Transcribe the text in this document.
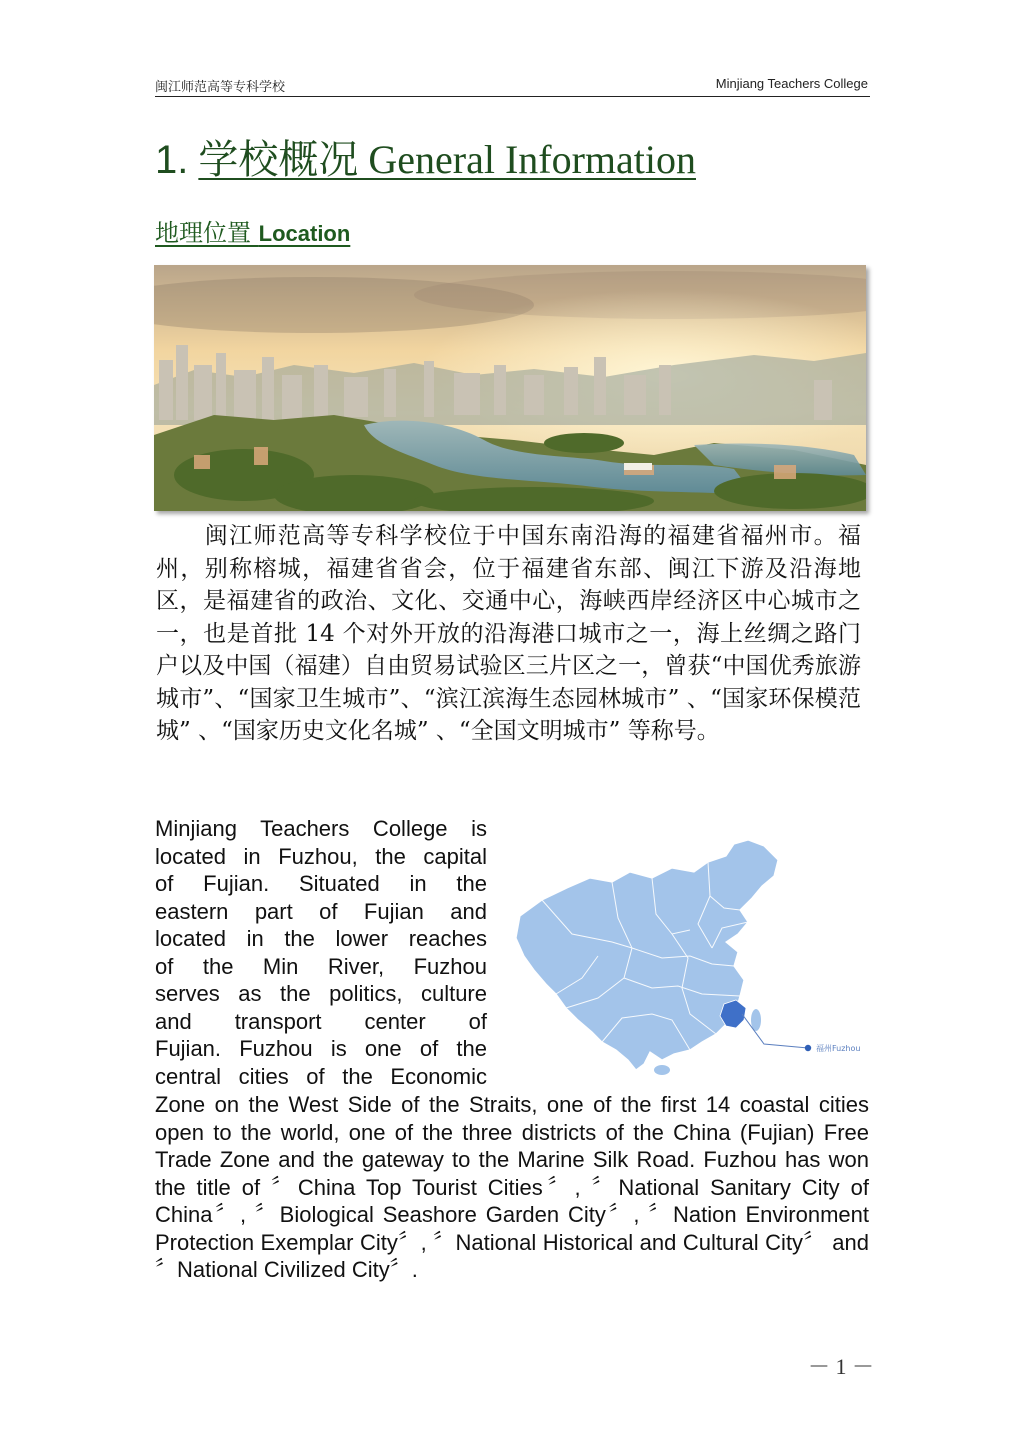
闽江师范高等专科学校	Minjiang Teachers College
1. 学校概况 General Information
地理位置 Location
　　闽江师范高等专科学校位于中国东南沿海的福建省福州市。福州，别称榕城，福建省省会，位于福建省东部、闽江下游及沿海地区，是福建省的政治、文化、交通中心，海峡西岸经济区中心城市之一，也是首批 14 个对外开放的沿海港口城市之一，海上丝绸之路门户以及中国（福建）自由贸易试验区三片区之一，曾获“中国优秀旅游城市”、“国家卫生城市”、“滨江滨海生态园林城市” 、“国家环保模范城” 、“国家历史文化名城” 、“全国文明城市” 等称号。
Minjiang Teachers College is
located in Fuzhou, the capital
of Fujian. Situated in the
eastern part of Fujian and
located in the lower reaches
of the Min River, Fuzhou
serves as the politics, culture
and transport center of
Fujian. Fuzhou is one of the
central cities of the Economic
Zone on the West Side of the Straits, one of the first 14 coastal cities open to the world, one of the three districts of the China (Fujian) Free Trade Zone and the gateway to the Marine Silk Road. Fuzhou has won the title of 〞China Top Tourist Cities〞, 〞National Sanitary City of China〞, 〞Biological Seashore Garden City〞, 〞Nation Environment Protection Exemplar City〞, 〞National Historical and Cultural City〞 and 〞National Civilized City〞.
福州Fuzhou
－ 1 －
